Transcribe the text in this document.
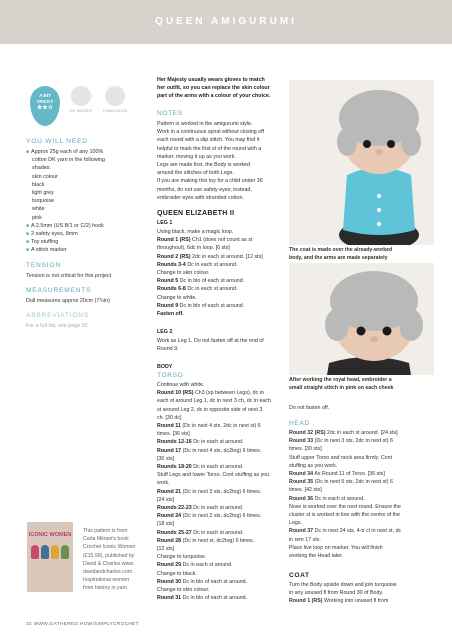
QUEEN AMIGURUMI
A BIT
TRICKY
★★☆	OK WEIGHT	2.5MM HOOK
YOU WILL NEED
■ Approx 25g each of any 100%
cotton DK yarn in the following
shades:
skin colour
black
light grey
turquoise
white
pink
■ A 2.5mm (US B/1 or C/2) hook
■ 2 safety eyes, 8mm
■ Toy stuffing
■ A stitch marker
TENSION
Tension is not critical for this project
MEASUREMENTS
Doll measures approx 20cm (7¾in)
ABBREVIATIONS
For a full list, see page 92
ICONIC WOMEN
This pattern is from
Carla Mitrani's book
Crochet Iconic Women
(£15.99), published by
David & Charles www.
davidandcharles.com
Inspirational women
from history in yarn
32 WWW.GATHERED.HOW/SIMPLYCROCHET
Her Majesty usually wears gloves to match
her outfit, so you can replace the skin colour
part of the arms with a colour of your choice.
NOTES
Pattern is worked in the amigurumi style.
Work in a continuous spiral without closing off
each round with a slip stitch. You may find it
helpful to mark the first st of the round with a
marker, moving it up as you work.
Legs are made first, the Body is worked
around the stitches of both Legs.
If you are making this toy for a child under 36
months, do not use safety eyes; instead,
embroider eyes with stranded cotton.
QUEEN ELIZABETH II
LEG 1
Using black, make a magic loop.
Round 1 (RS) Ch1 (does not count as st
throughout), 6dc in loop. [6 sts]
Round 2 (RS) 2dc in each st around. [12 sts]
Rounds 3-4 Dc in each st around.
Change to skin colour.
Round 5 Dc in blo of each st around.
Rounds 6-8 Dc in each st around.
Change to white.
Round 9 Dc in blo of each st around.
Fasten off.
LEG 2
Work as Leg 1. Do not fasten off at the end of
Round 9.
BODY
TORSO
Continue with white.
Round 10 (RS) Ch3 (sp between Legs), dc in
each st around Leg 1, dc in next 3 ch, dc in each
st around Leg 2, dc in opposite side of next 3
ch. [30 dc]
Round 11 (Dc in next 4 sts, 2dc in next st) 6
times. [36 sts]
Rounds 12-16 Dc in each st around.
Round 17 (Dc in next 4 sts, dc2tog) 6 times.
[30 sts]
Rounds 18-20 Dc in each st around.
Stuff Legs and lower Torso. Cont stuffing as you
work.
Round 21 (Dc in next 3 sts, dc2tog) 6 times.
[24 sts]
Rounds 22-23 Dc in each st around.
Round 24 (Dc in next 2 sts, dc2tog) 6 times.
[18 sts]
Rounds 25-27 Dc in each st around.
Round 28 (Dc in next st, dc2tog) 6 times.
[12 sts]
Change to turquoise.
Round 29 Dc in each st around.
Change to black.
Round 30 Dc in blo of each st around.
Change to skin colour.
Round 31 Dc in blo of each st around.
The coat is made over the already-worked
body, and the arms are made separately
After working the royal head, embroider a
small straight stitch in pink on each cheek
Do not fasten off.
HEAD
Round 32 (RS) 2dc in each st around. [24 sts]
Round 33 (Dc in next 3 sts, 2dc in next st) 6
times. [30 sts]
Stuff upper Torso and neck area firmly. Cont
stuffing as you work.
Round 34 As Round 11 of Torso. [36 sts]
Round 35 (Dc in next 5 sts, 2dc in next st) 6
times. [42 sts]
Round 36 Dc in each st around.
Nose is worked over the next round. Ensure the
cluster st is worked in line with the centre of the
Legs.
Round 37 Dc in next 24 sts, 4-tr cl in next st, dc
in rem 17 sts.
Place live loop on marker. You will finish
working the Head later.
COAT
Turn the Body upside down and join turquoise
in any unused fl from Round 30 of Body.
Round 1 (RS) Working into unused fl from
